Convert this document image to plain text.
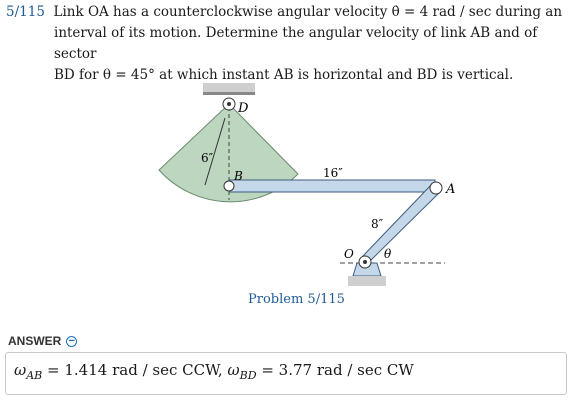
5/115 Link OA has a counterclockwise angular velocity θ̇ = 4 rad / sec during an
interval of its motion. Determine the angular velocity of link AB and of sector
BD for θ = 45° at which instant AB is horizontal and BD is vertical.
D
B
A
O	θ
6″
16″
8″
Problem 5/115
ANSWER −
$\omega_{AB} = 1.414$ rad / sec CCW, $\omega_{BD} = 3.77$ rad / sec CW
